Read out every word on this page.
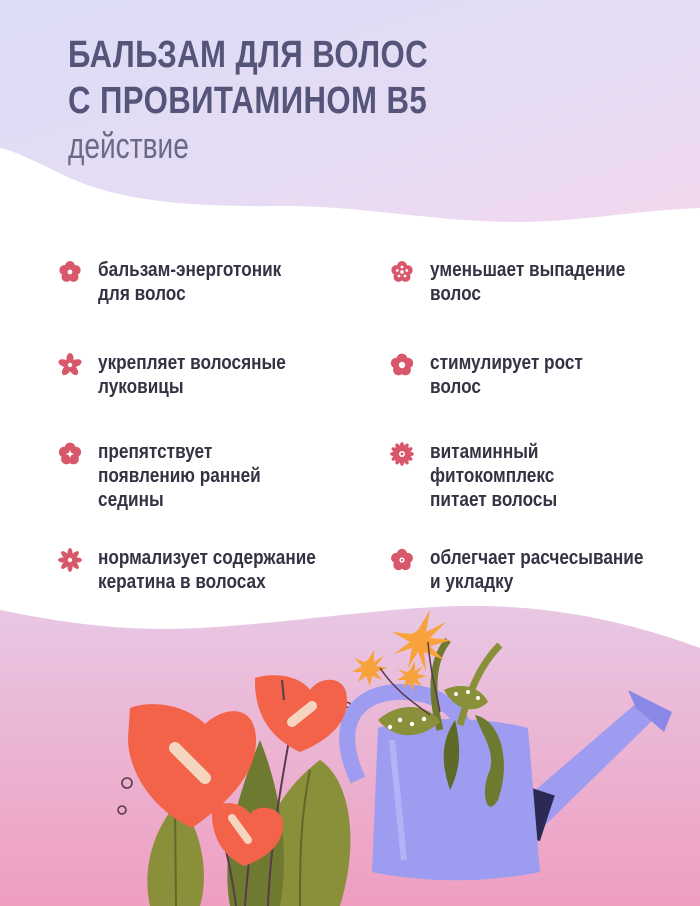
БАЛЬЗАМ ДЛЯ ВОЛОС
С ПРОВИТАМИНОМ В5
действие
бальзам-энерготоник
для волос
укрепляет волосяные
луковицы
препятствует
появлению ранней
седины
нормализует содержание
кератина в волосах
уменьшает выпадение
волос
стимулирует рост
волос
витаминный
фитокомплекс
питает волосы
облегчает расчесывание
и укладку
